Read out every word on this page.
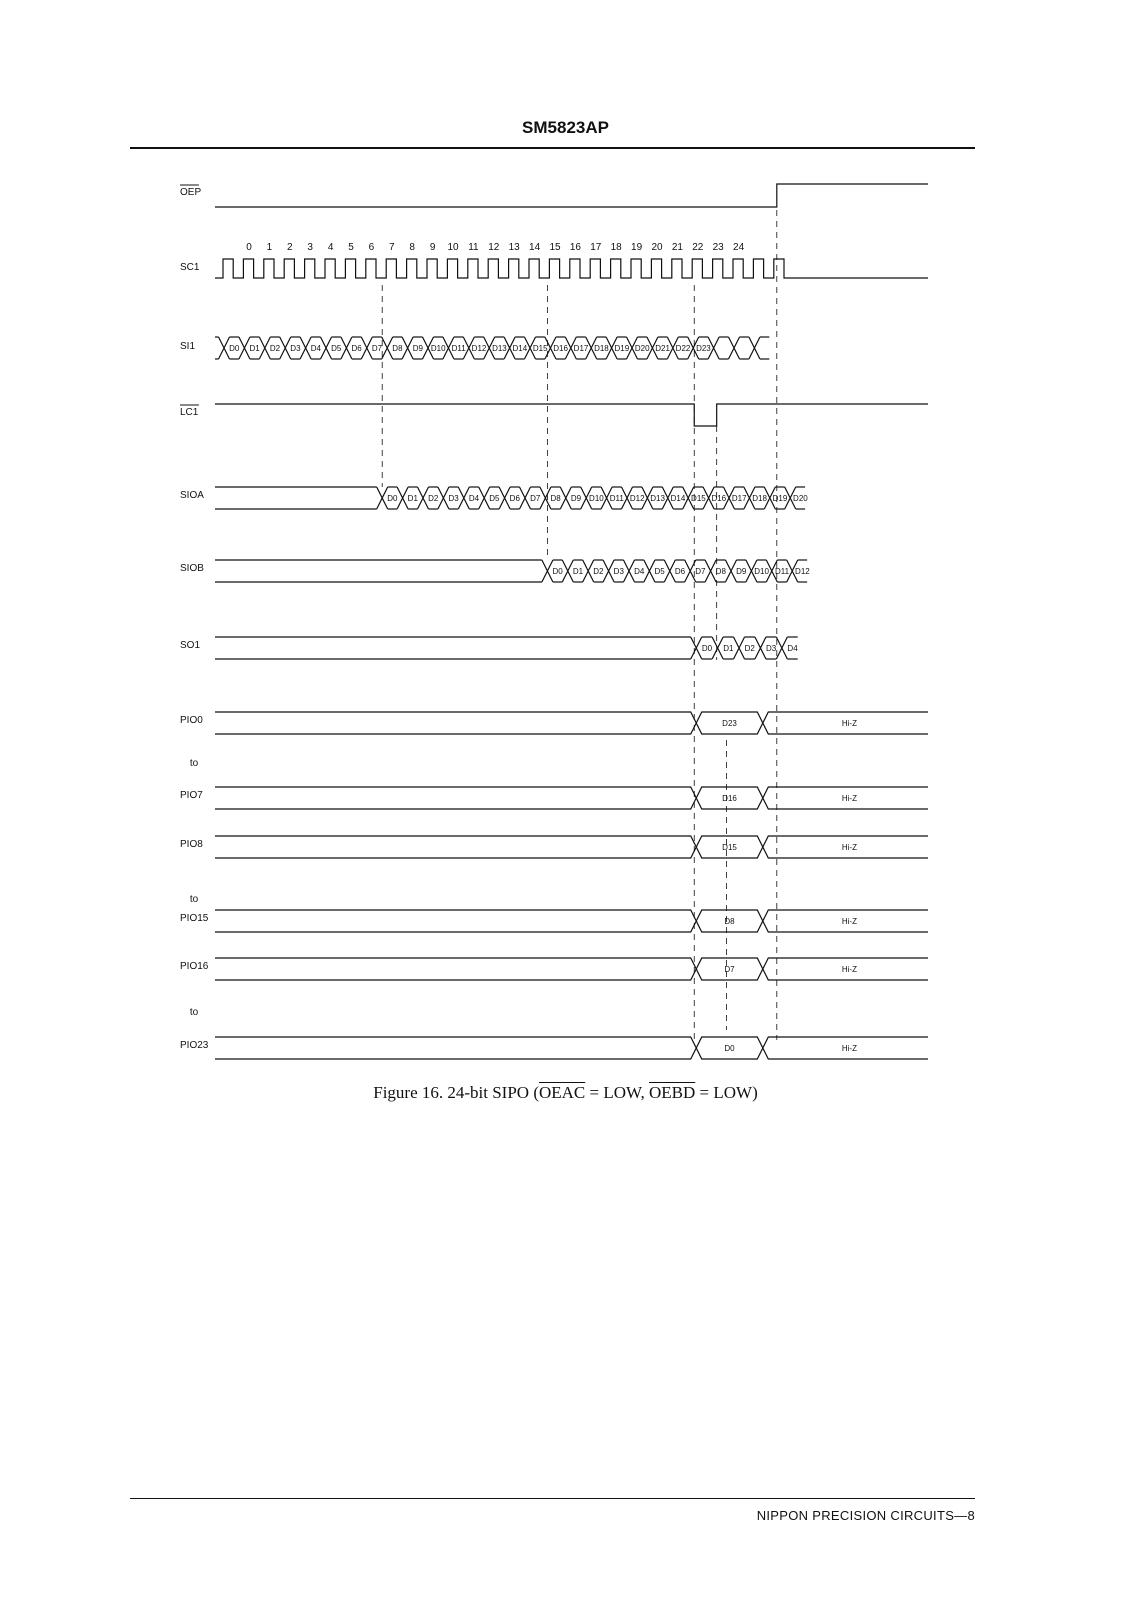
SM5823AP
OEP
SC1
SI1
LC1
SIOA
SIOB
SO1
PIO0
to
PIO7
PIO8
to
PIO15
PIO16
to
PIO23
0 1 2 3 4 5 6 7 8 9 10 11 12 13 14 15 16 17 18 19 20 21 22 23 24
D0 D1 D2 D3 D4 D5 D6 D7 D8 D9 D10 D11 D12 D13 D14 D15 D16 D17 D18 D19 D20 D21 D22 D23
D0 D1 D2 D3 D4 D5 D6 D7 D8 D9 D10 D11 D12 D13 D14 D15 D16 D17 D18 D19 D20
D0 D1 D2 D3 D4 D5 D6 D7 D8 D9 D10 D11 D12
D0 D1 D2 D3 D4
D23	Hi-Z
D16	Hi-Z
D15	Hi-Z
D8	Hi-Z
D7	Hi-Z
D0	Hi-Z
Figure 16. 24-bit SIPO (OEAC = LOW, OEBD = LOW)
NIPPON PRECISION CIRCUITS—8
